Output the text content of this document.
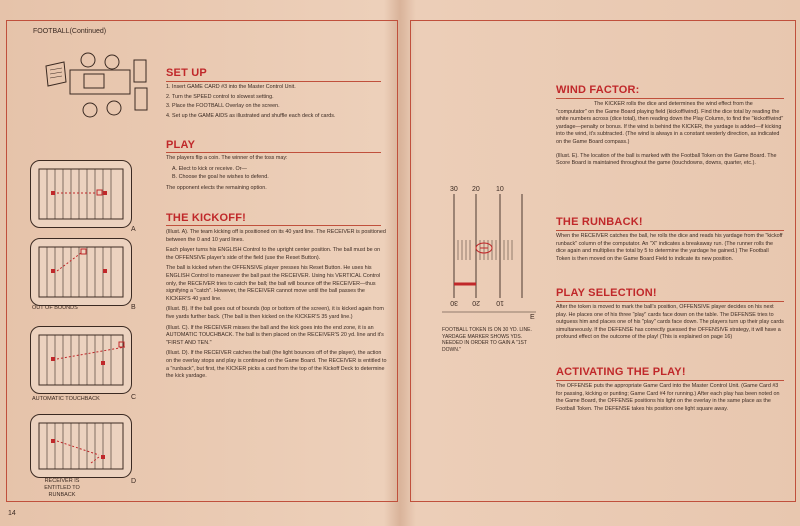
FOOTBALL(Continued)
SET UP
1. Insert GAME CARD #3 into the Master Control Unit.
2. Turn the SPEED control to slowest setting.
3. Place the FOOTBALL Overlay on the screen.
4. Set up the GAME AIDS as illustrated and shuffle each deck of cards.
PLAY

The players flip a coin. The winner of the toss may:

A. Elect to kick or receive. Or—

B. Choose the goal he wishes to defend.

The opponent elects the remaining option.

THE KICKOFF!

(Illust. A). The team kicking off is positioned on its 40 yard line. The RECEIVER is positioned between the 0 and 10 yard lines.

Each player turns his ENGLISH Control to the upright center position. The ball must be on the OFFENSIVE player's side of the field (use the Reset Button).

The ball is kicked when the OFFENSIVE player presses his Reset Button. He uses his ENGLISH Control to maneuver the ball past the RECEIVER. Using his VERTICAL Control only, the RECEIVER tries to catch the ball; the ball will bounce off the RECEIVER—thus signifying a "catch". However, the RECEIVER cannot move until the ball passes the KICKER'S 40 yard line.

(Illust. B). If the ball goes out of bounds (top or bottom of the screen), it is kicked again from five yards further back. (The ball is then kicked on the KICKER'S 35 yard line.)

(Illust. C). If the RECEIVER misses the ball and the kick goes into the end zone, it is an AUTOMATIC TOUCHBACK. The ball is then placed on the RECEIVER'S 20 yd. line and it's "FIRST AND TEN."

(Illust. D). If the RECEIVER catches the ball (the light bounces off of the player), the action on the overlay stops and play is continued on the Game Board. The RECEIVER is entitled to a "runback", but first, the KICKER picks a card from the top of the Kickoff Deck to determine the kick yardage.

A
OUT OF BOUNDS	B
AUTOMATIC TOUCHBACK	C
RECEIVER IS ENTITLED TO RUNBACK
D
14
WIND FACTOR:

The KICKER rolls the dice and determines the wind effect from the "computator" on the Game Board playing field (kickoff/wind). Find the dice total by reading the white numbers across (dice total), then reading down the Play Column, to find the "kickoff/wind" yardage—penalty or bonus. If the wind is behind the KICKER, the yardage is added—if kicking into the wind, it's subtracted. (The wind is always in a constant westerly direction, as indicated on the Game Board compass.)

(Illust. E). The location of the ball is marked with the Football Token on the Game Board. The Score Board is maintained throughout the game (touchdowns, downs, quarter, etc.).

30 20 10
30 20 10
E
FOOTBALL TOKEN IS ON 30 YD. LINE. YARDAGE MARKER SHOWS YDS. NEEDED IN ORDER TO GAIN A "1ST DOWN."
THE RUNBACK!

When the RECEIVER catches the ball, he rolls the dice and reads his yardage from the "kickoff runback" column of the computator. An "X" indicates a breakaway run. (The runner rolls the dice again and multiplies the total by 5 to determine the yardage he gained.) The Football Token is then moved on the Game Board Field to indicate its new position.

PLAY SELECTION!

After the token is moved to mark the ball's position, OFFENSIVE player decides on his next play. He places one of his three "play" cards face down on the table. The DEFENSE tries to outguess him and places one of his "play" cards face down. The players turn up their play cards simultaneously. If the DEFENSE has correctly guessed the OFFENSIVE strategy, it will have a profound effect on the outcome of the play! (This is explained on page 16)

ACTIVATING THE PLAY!

The OFFENSE puts the appropriate Game Card into the Master Control Unit. (Game Card #3 for passing, kicking or punting; Game Card #4 for running.) After each play has been noted on the Game Board, the OFFENSE positions his light on the overlay in the same place as the Football Token. The DEFENSE takes his position one light square away.
